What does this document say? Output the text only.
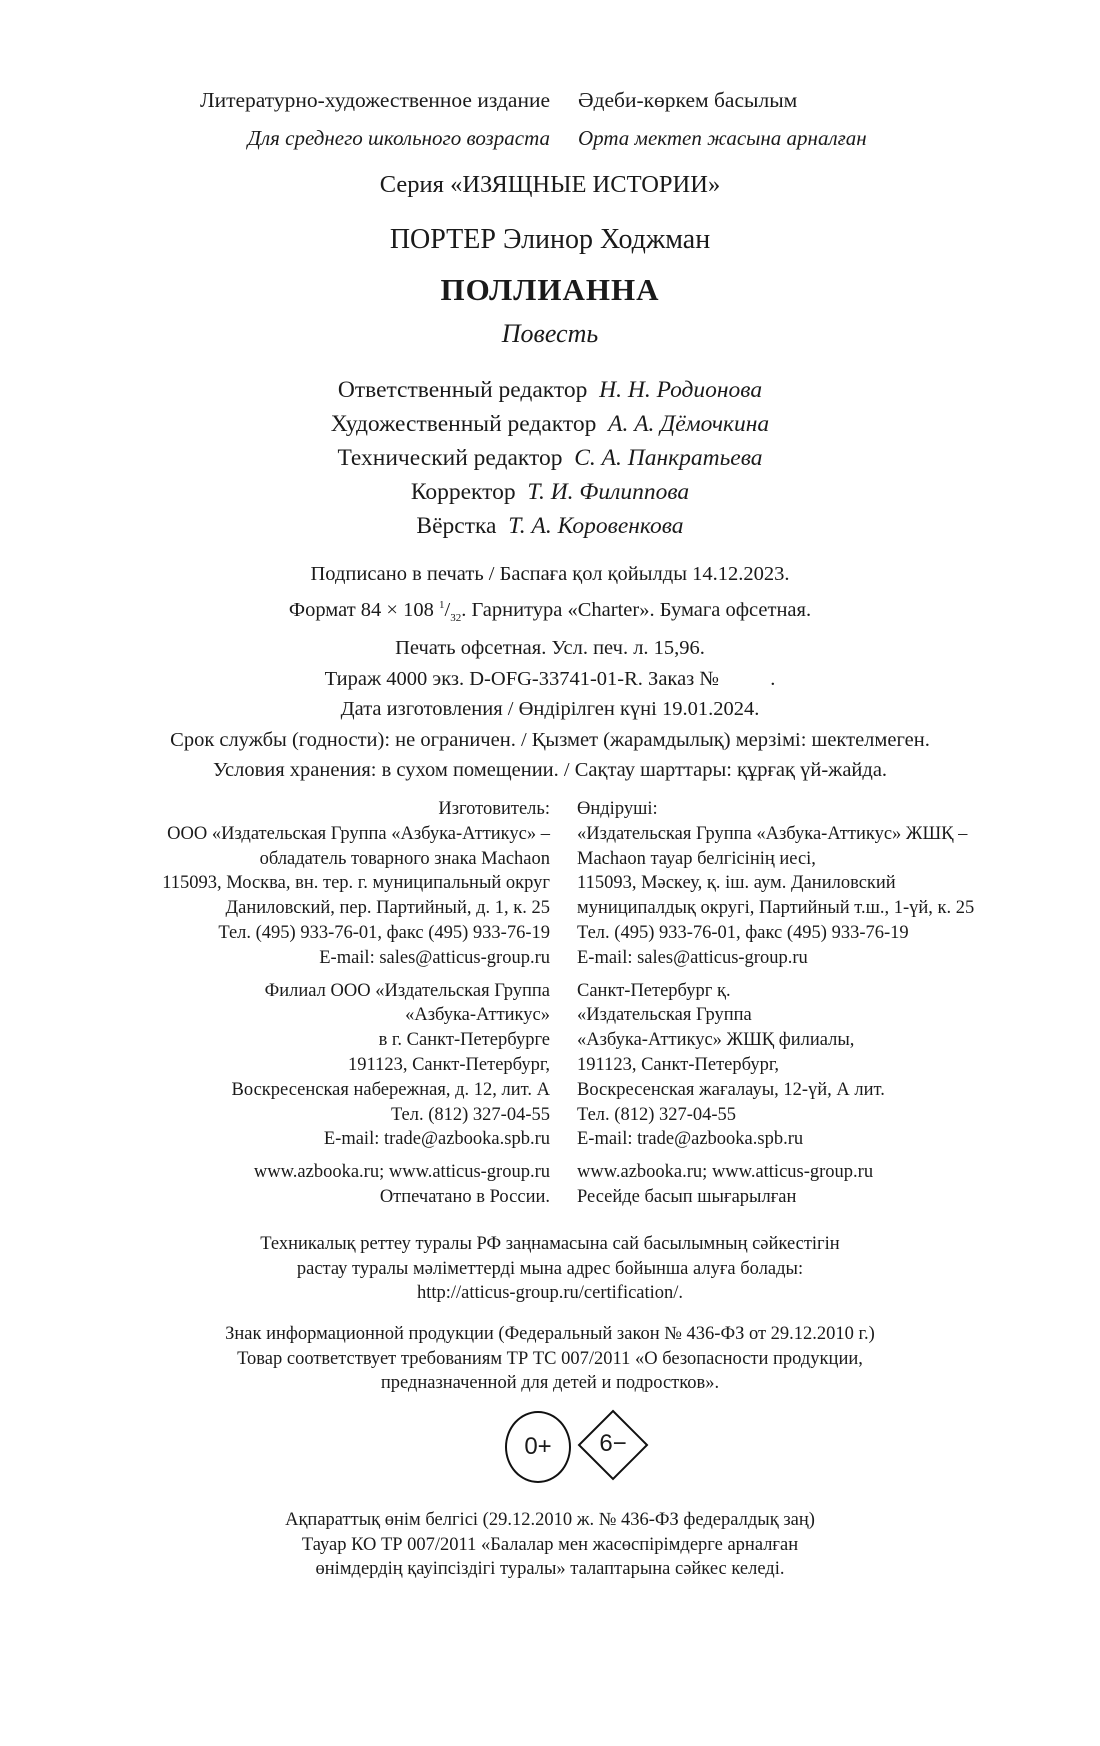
Литературно-художественное издание Әдеби-көркем басылым
Для среднего школьного возраста Орта мектеп жасына арналған
Серия «ИЗЯЩНЫЕ ИСТОРИИ»
ПОРТЕР Элинор Ходжман
ПОЛЛИАННА
Повесть
Ответственный редактор Н. Н. Родионова
Художественный редактор А. А. Дёмочкина
Технический редактор С. А. Панкратьева
Корректор Т. И. Филиппова
Вёрстка Т. А. Коровенкова
Подписано в печать / Баспаға қол қойылды 14.12.2023.
Формат 84 × 108 $^1/_{32}$. Гарнитура «Charter». Бумага офсетная.
Печать офсетная. Усл. печ. л. 15,96.
Тираж 4000 экз. D-OFG-33741-01-R. Заказ №          .
Дата изготовления / Өндірілген күні 19.01.2024.
Срок службы (годности): не ограничен. / Қызмет (жарамдылық) мерзімі: шектелмеген.
Условия хранения: в сухом помещении. / Сақтау шарттары: құрғақ үй-жайда.
Изготовитель:
ООО «Издательская Группа «Азбука-Аттикус» –
обладатель товарного знака Machaon
115093, Москва, вн. тер. г. муниципальный округ
Даниловский, пер. Партийный, д. 1, к. 25
Тел. (495) 933-76-01, факс (495) 933-76-19
E-mail: sales@atticus-group.ru
Филиал ООО «Издательская Группа
«Азбука-Аттикус»
в г. Санкт-Петербурге
191123, Санкт-Петербург,
Воскресенская набережная, д. 12, лит. А
Тел. (812) 327-04-55
E-mail: trade@azbooka.spb.ru
www.azbooka.ru; www.atticus-group.ru
Отпечатано в России.
Өндіруші:
«Издательская Группа «Азбука-Аттикус» ЖШҚ –
Machaon тауар белгісінің иесі,
115093, Мәскеу, қ. іш. аум. Даниловский
муниципалдық округі, Партийный т.ш., 1-үй, к. 25
Тел. (495) 933-76-01, факс (495) 933-76-19
E-mail: sales@atticus-group.ru
Санкт-Петербург қ.
«Издательская Группа
«Азбука-Аттикус» ЖШҚ филиалы,
191123, Санкт-Петербург,
Воскресенская жағалауы, 12-үй, А лит.
Тел. (812) 327-04-55
E-mail: trade@azbooka.spb.ru
www.azbooka.ru; www.atticus-group.ru
Ресейде басып шығарылған
Техникалық реттеу туралы РФ заңнамасына сай басылымның сәйкестігін
растау туралы мәліметтерді мына адрес бойынша алуға болады:
http://atticus-group.ru/certification/.
Знак информационной продукции (Федеральный закон № 436-ФЗ от 29.12.2010 г.)
Товар соответствует требованиям ТР ТС 007/2011 «О безопасности продукции,
предназначенной для детей и подростков».
0+	6−
Ақпараттық өнім белгісі (29.12.2010 ж. № 436-ФЗ федералдық заң)
Тауар КО ТР 007/2011 «Балалар мен жасөспірімдерге арналған
өнімдердің қауіпсіздігі туралы» талаптарына сәйкес келеді.
